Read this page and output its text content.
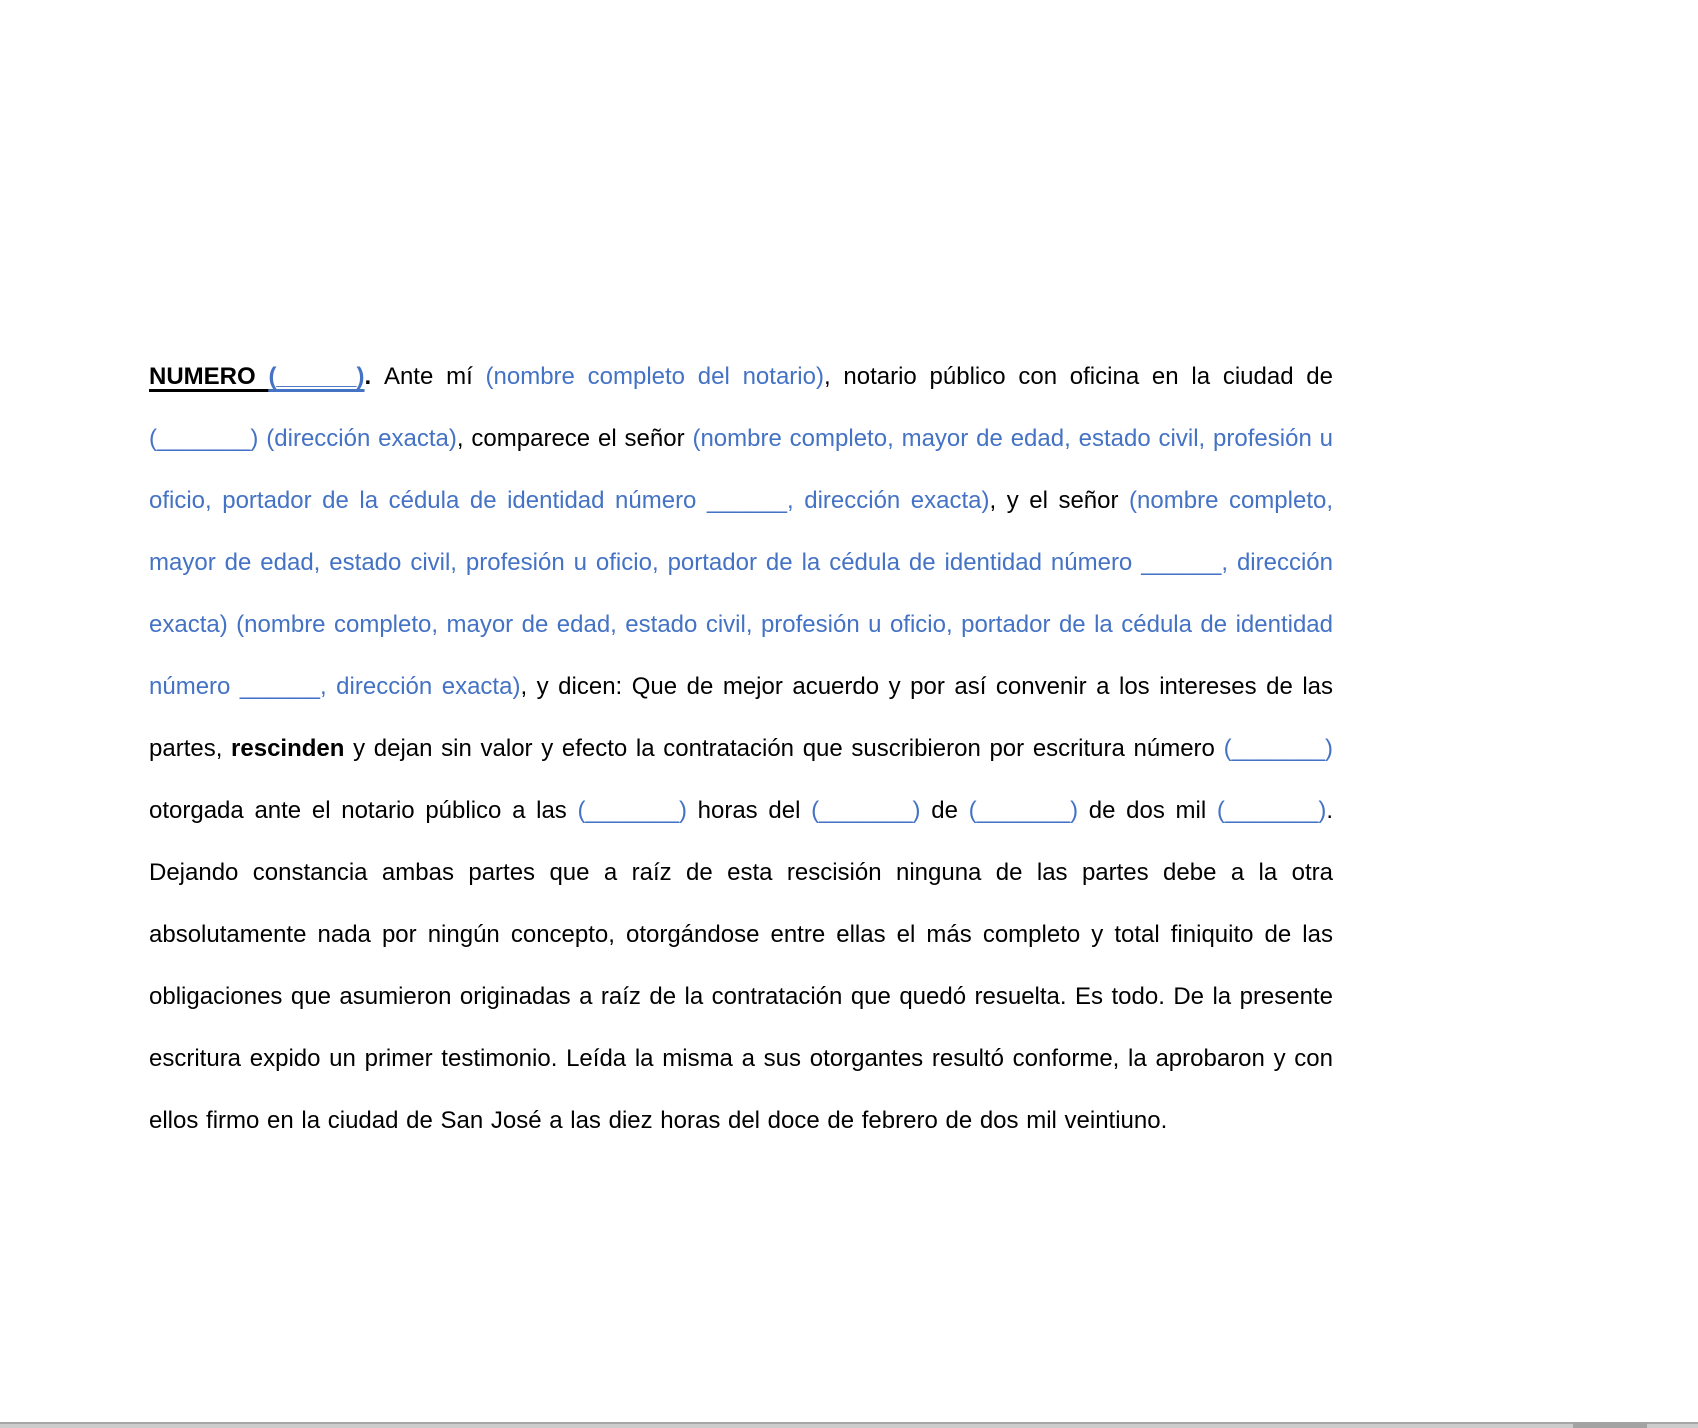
NUMERO (______). Ante mí (nombre completo del notario), notario público con oficina en la ciudad de (_______) (dirección exacta), comparece el señor (nombre completo, mayor de edad, estado civil, profesión u oficio, portador de la cédula de identidad número ______, dirección exacta), y el señor (nombre completo, mayor de edad, estado civil, profesión u oficio, portador de la cédula de identidad número ______, dirección exacta) (nombre completo, mayor de edad, estado civil, profesión u oficio, portador de la cédula de identidad número ______, dirección exacta), y dicen: Que de mejor acuerdo y por así convenir a los intereses de las partes, rescinden y dejan sin valor y efecto la contratación que suscribieron por escritura número (_______) otorgada ante el notario público a las (_______) horas del (_______) de (_______) de dos mil (_______). Dejando constancia ambas partes que a raíz de esta rescisión ninguna de las partes debe a la otra absolutamente nada por ningún concepto, otorgándose entre ellas el más completo y total finiquito de las obligaciones que asumieron originadas a raíz de la contratación que quedó resuelta. Es todo. De la presente escritura expido un primer testimonio. Leída la misma a sus otorgantes resultó conforme, la aprobaron y con ellos firmo en la ciudad de San José a las diez horas del doce de febrero de dos mil veintiuno.
